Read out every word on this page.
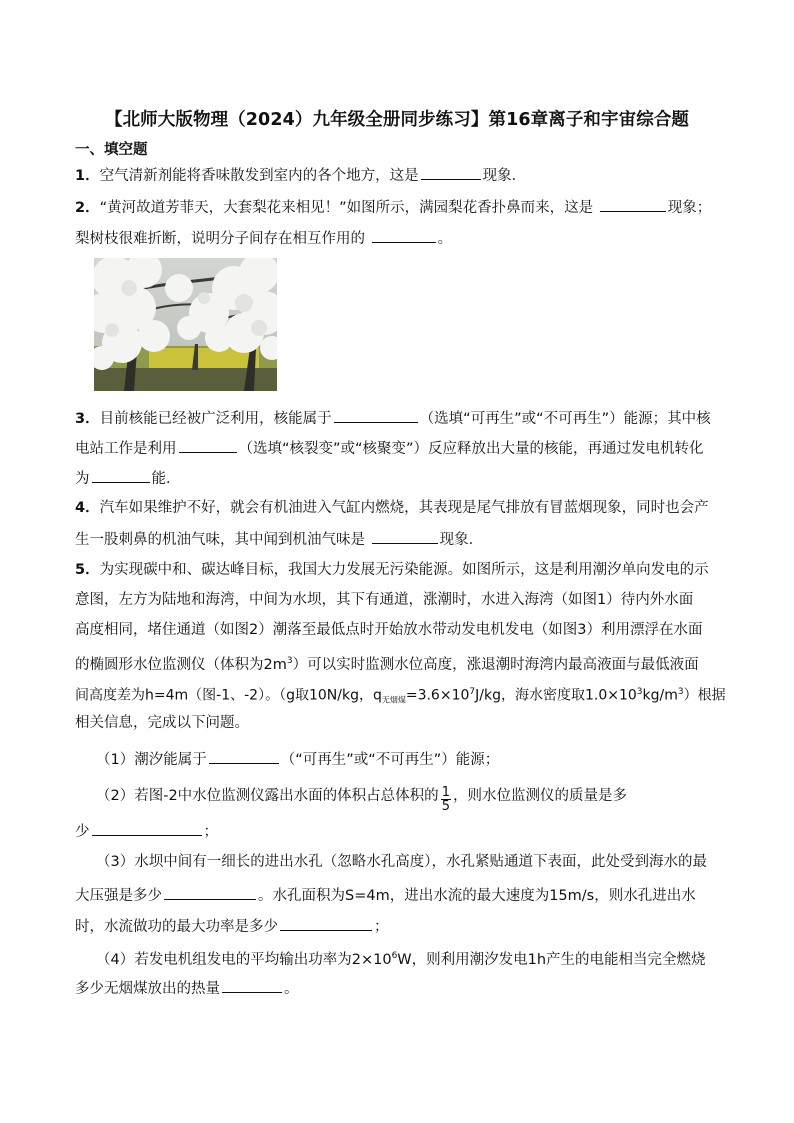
【北师大版物理（2024）九年级全册同步练习】第16章离子和宇宙综合题
一、填空题
1．空气清新剂能将香味散发到室内的各个地方，这是	现象．
2．“黄河故道芳菲天，大套梨花来相见！”如图所示，满园梨花香扑鼻而来，这是	现象；
梨树枝很难折断，说明分子间存在相互作用的	。
3．目前核能已经被广泛利用，核能属于	（选填“可再生”或“不可再生”）能源；其中核
电站工作是利用	（选填“核裂变”或“核聚变”）反应释放出大量的核能，再通过发电机转化
为	能．
4．汽车如果维护不好，就会有机油进入气缸内燃烧，其表现是尾气排放有冒蓝烟现象，同时也会产
生一股刺鼻的机油气味，其中闻到机油气味是	现象．
5．为实现碳中和、碳达峰目标，我国大力发展无污染能源。如图所示，这是利用潮汐单向发电的示
意图，左方为陆地和海湾，中间为水坝，其下有通道，涨潮时，水进入海湾（如图1）待内外水面
高度相同，堵住通道（如图2）潮落至最低点时开始放水带动发电机发电（如图3）利用漂浮在水面
的椭圆形水位监测仪（体积为$2m^3$）可以实时监测水位高度，涨退潮时海湾内最高液面与最低液面
间高度差为h=4m（图-1、-2）。（g取10N/kg，$q_{无烟煤}=3.6\times 10^7J/kg$，海水密度取$1.0\times 10^3kg/m^3$）根据
相关信息，完成以下问题。
（1）潮汐能属于	（“可再生”或“不可再生”）能源；
（2）若图-2中水位监测仪露出水面的体积占总体积的 $\frac{1}{5}$ ，则水位监测仪的质量是多
少	；
（3）水坝中间有一细长的进出水孔（忽略水孔高度），水孔紧贴通道下表面，此处受到海水的最
大压强是多少	。水孔面积为S=4m，进出水流的最大速度为15m/s，则水孔进出水
时，水流做功的最大功率是多少	；
（4）若发电机组发电的平均输出功率为$2\times 10^6W$，则利用潮汐发电1h产生的电能相当完全燃烧
多少无烟煤放出的热量	。
